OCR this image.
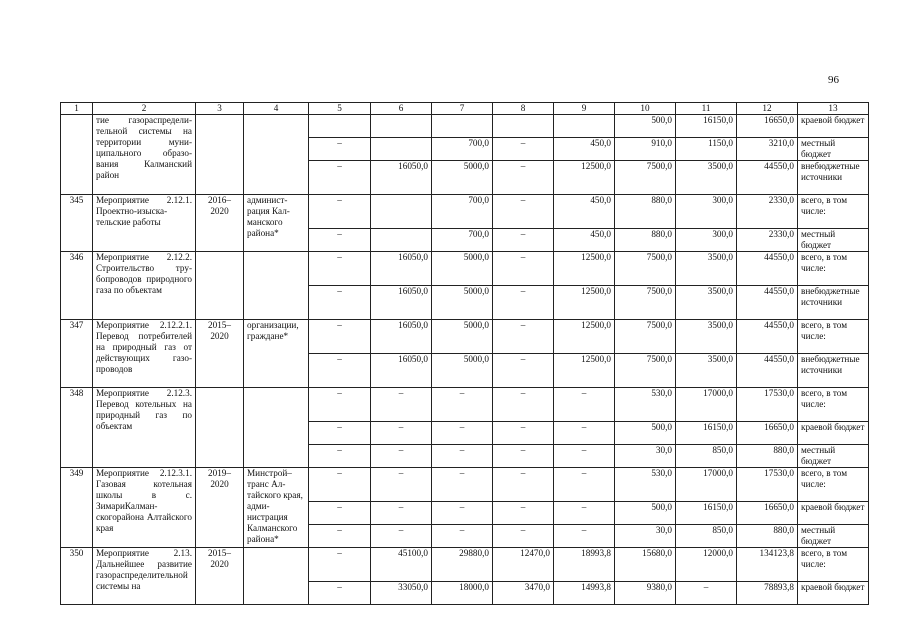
96
1	2	3	4	5	6	7	8	9	10	11	12	13
	тие газораспределительной системы на территории муниципального образования Калманский район								500,0	16150,0	16650,0	краевой бюджет
				–		700,0	–	450,0	910,0	1150,0	3210,0	местный бюджет
				–	16050,0	5000,0	–	12500,0	7500,0	3500,0	44550,0	внебюджетные источники
345	Мероприятие 2.12.1. Проектно-изыскательские работы	2016–2020	администрация Калманского района*	–		700,0	–	450,0	880,0	300,0	2330,0	всего, в том числе:
				–		700,0	–	450,0	880,0	300,0	2330,0	местный бюджет
346	Мероприятие 2.12.2. Строительство трубопроводов природного газа по объектам			–	16050,0	5000,0	–	12500,0	7500,0	3500,0	44550,0	всего, в том числе:
				–	16050,0	5000,0	–	12500,0	7500,0	3500,0	44550,0	внебюджетные источники
347	Мероприятие 2.12.2.1. Перевод потребителей на природный газ от действующих газопроводов	2015–2020	организации, граждане*	–	16050,0	5000,0	–	12500,0	7500,0	3500,0	44550,0	всего, в том числе:
				–	16050,0	5000,0	–	12500,0	7500,0	3500,0	44550,0	внебюджетные источники
348	Мероприятие 2.12.3. Перевод котельных на природный газ по объектам			–	–	–	–	–	530,0	17000,0	17530,0	всего, в том числе:
				–	–	–	–	–	500,0	16150,0	16650,0	краевой бюджет
				–	–	–	–	–	30,0	850,0	880,0	местный бюджет
349	Мероприятие 2.12.3.1. Газовая котельная школы в с. ЗимариКалманскогорайона Алтайского края	2019–2020	Минстрой–транс Алтайского края, администрация Калманского района*	–	–	–	–	–	530,0	17000,0	17530,0	всего, в том числе:
				–	–	–	–	–	500,0	16150,0	16650,0	краевой бюджет
				–	–	–	–	–	30,0	850,0	880,0	местный бюджет
350	Мероприятие 2.13. Дальнейшее развитие газораспределительной системы на	2015–2020		–	45100,0	29880,0	12470,0	18993,8	15680,0	12000,0	134123,8	всего, в том числе:
				–	33050,0	18000,0	3470,0	14993,8	9380,0	–	78893,8	краевой бюджет
